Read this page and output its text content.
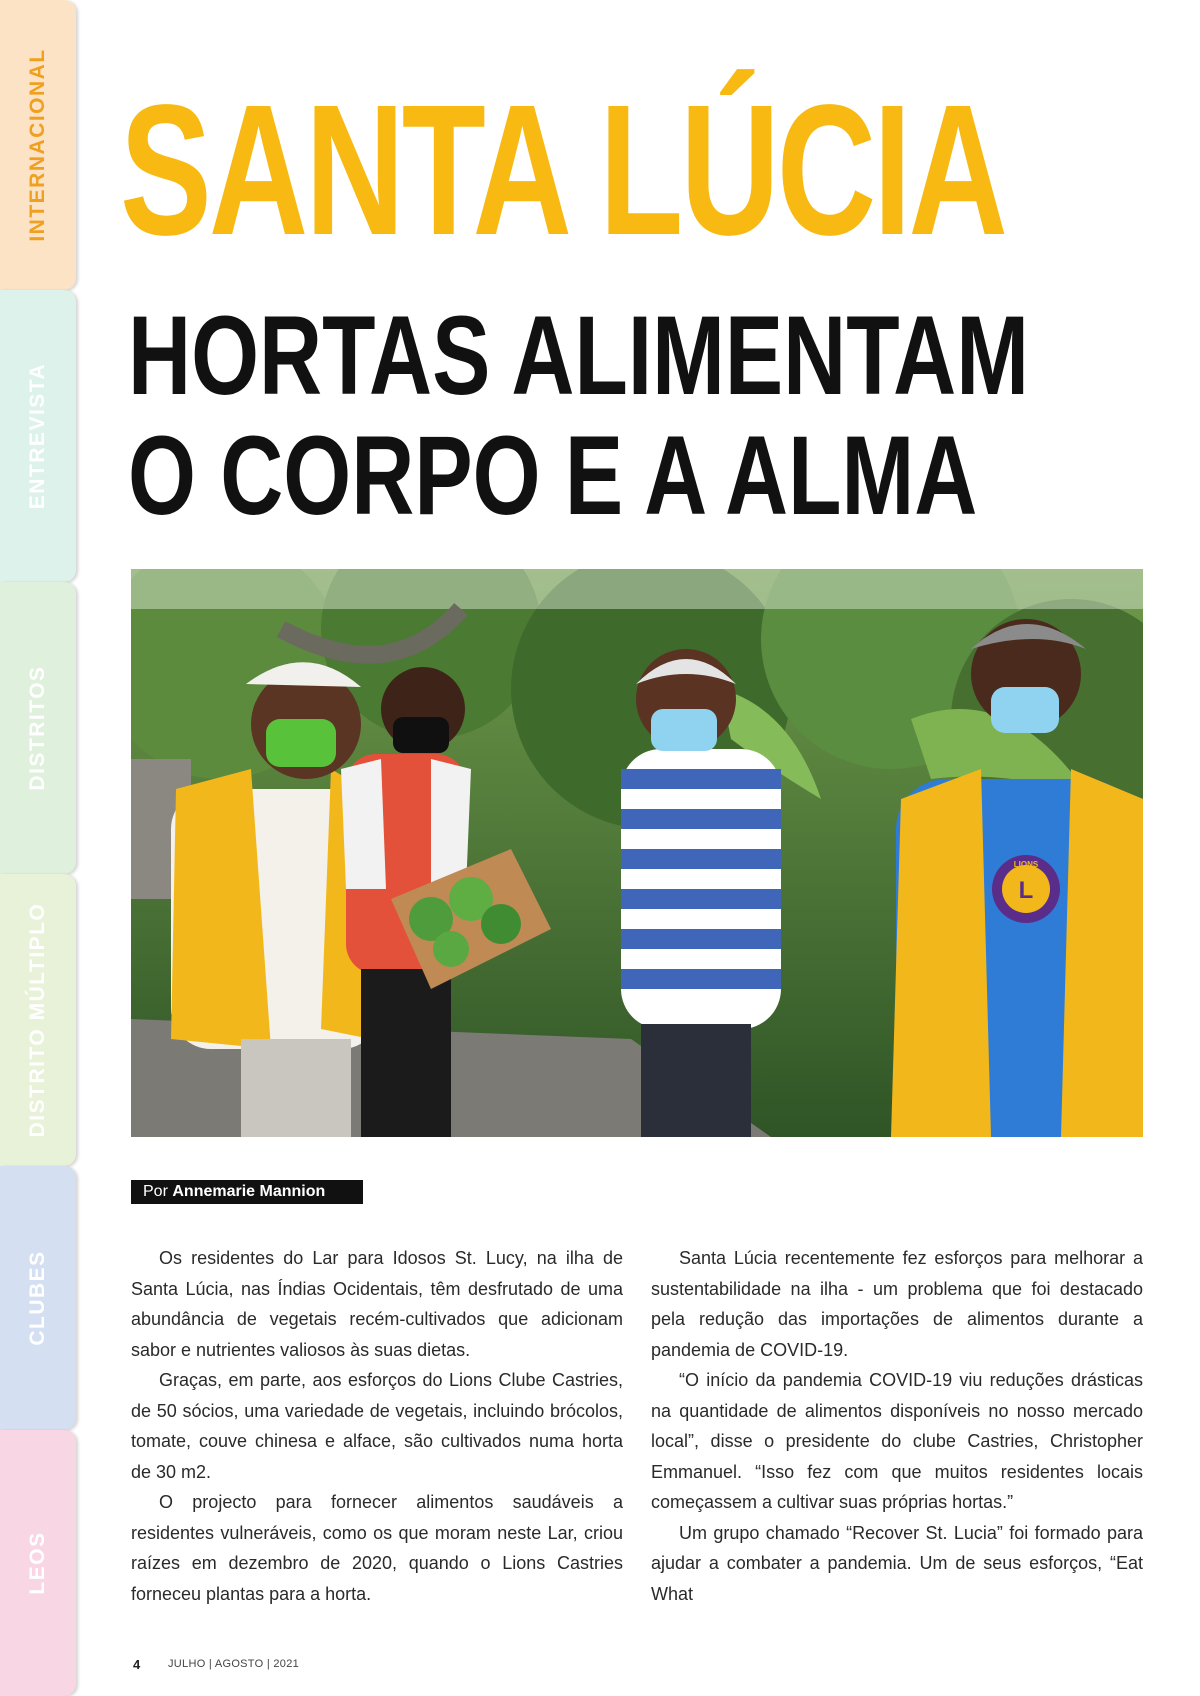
INTERNACIONAL
ENTREVISTA
DISTRITOS
DISTRITO MÚLTIPLO
CLUBES
LEOS
SANTA LÚCIA
HORTAS ALIMENTAM
O CORPO E A ALMA
L
LIONS
Por Annemarie Mannion

Os residentes do Lar para Idosos St. Lucy, na ilha de Santa Lúcia, nas Índias Ocidentais, têm desfrutado de uma abundância de vegetais recém-cultivados que adicionam sabor e nutrientes valiosos às suas dietas.

Graças, em parte, aos esforços do Lions Clube Castries, de 50 sócios, uma variedade de vegetais, incluindo brócolos, tomate, couve chinesa e alface, são cultivados numa horta de 30 m2.

O projecto para fornecer alimentos saudáveis a residentes vulneráveis, como os que moram neste Lar, criou raízes em dezembro de 2020, quando o Lions Castries forneceu plantas para a horta.

Santa Lúcia recentemente fez esforços para melhorar a sustentabilidade na ilha - um problema que foi destacado pela redução das importações de alimentos durante a pandemia de COVID-19.

“O início da pandemia COVID-19 viu reduções drásticas na quantidade de alimentos disponíveis no nosso mercado local”, disse o presidente do clube Castries, Christopher Emmanuel. “Isso fez com que muitos residentes locais começassem a cultivar suas próprias hortas.”

Um grupo chamado “Recover St. Lucia” foi formado para ajudar a combater a pandemia. Um de seus esforços, “Eat What

4	JULHO | AGOSTO | 2021
